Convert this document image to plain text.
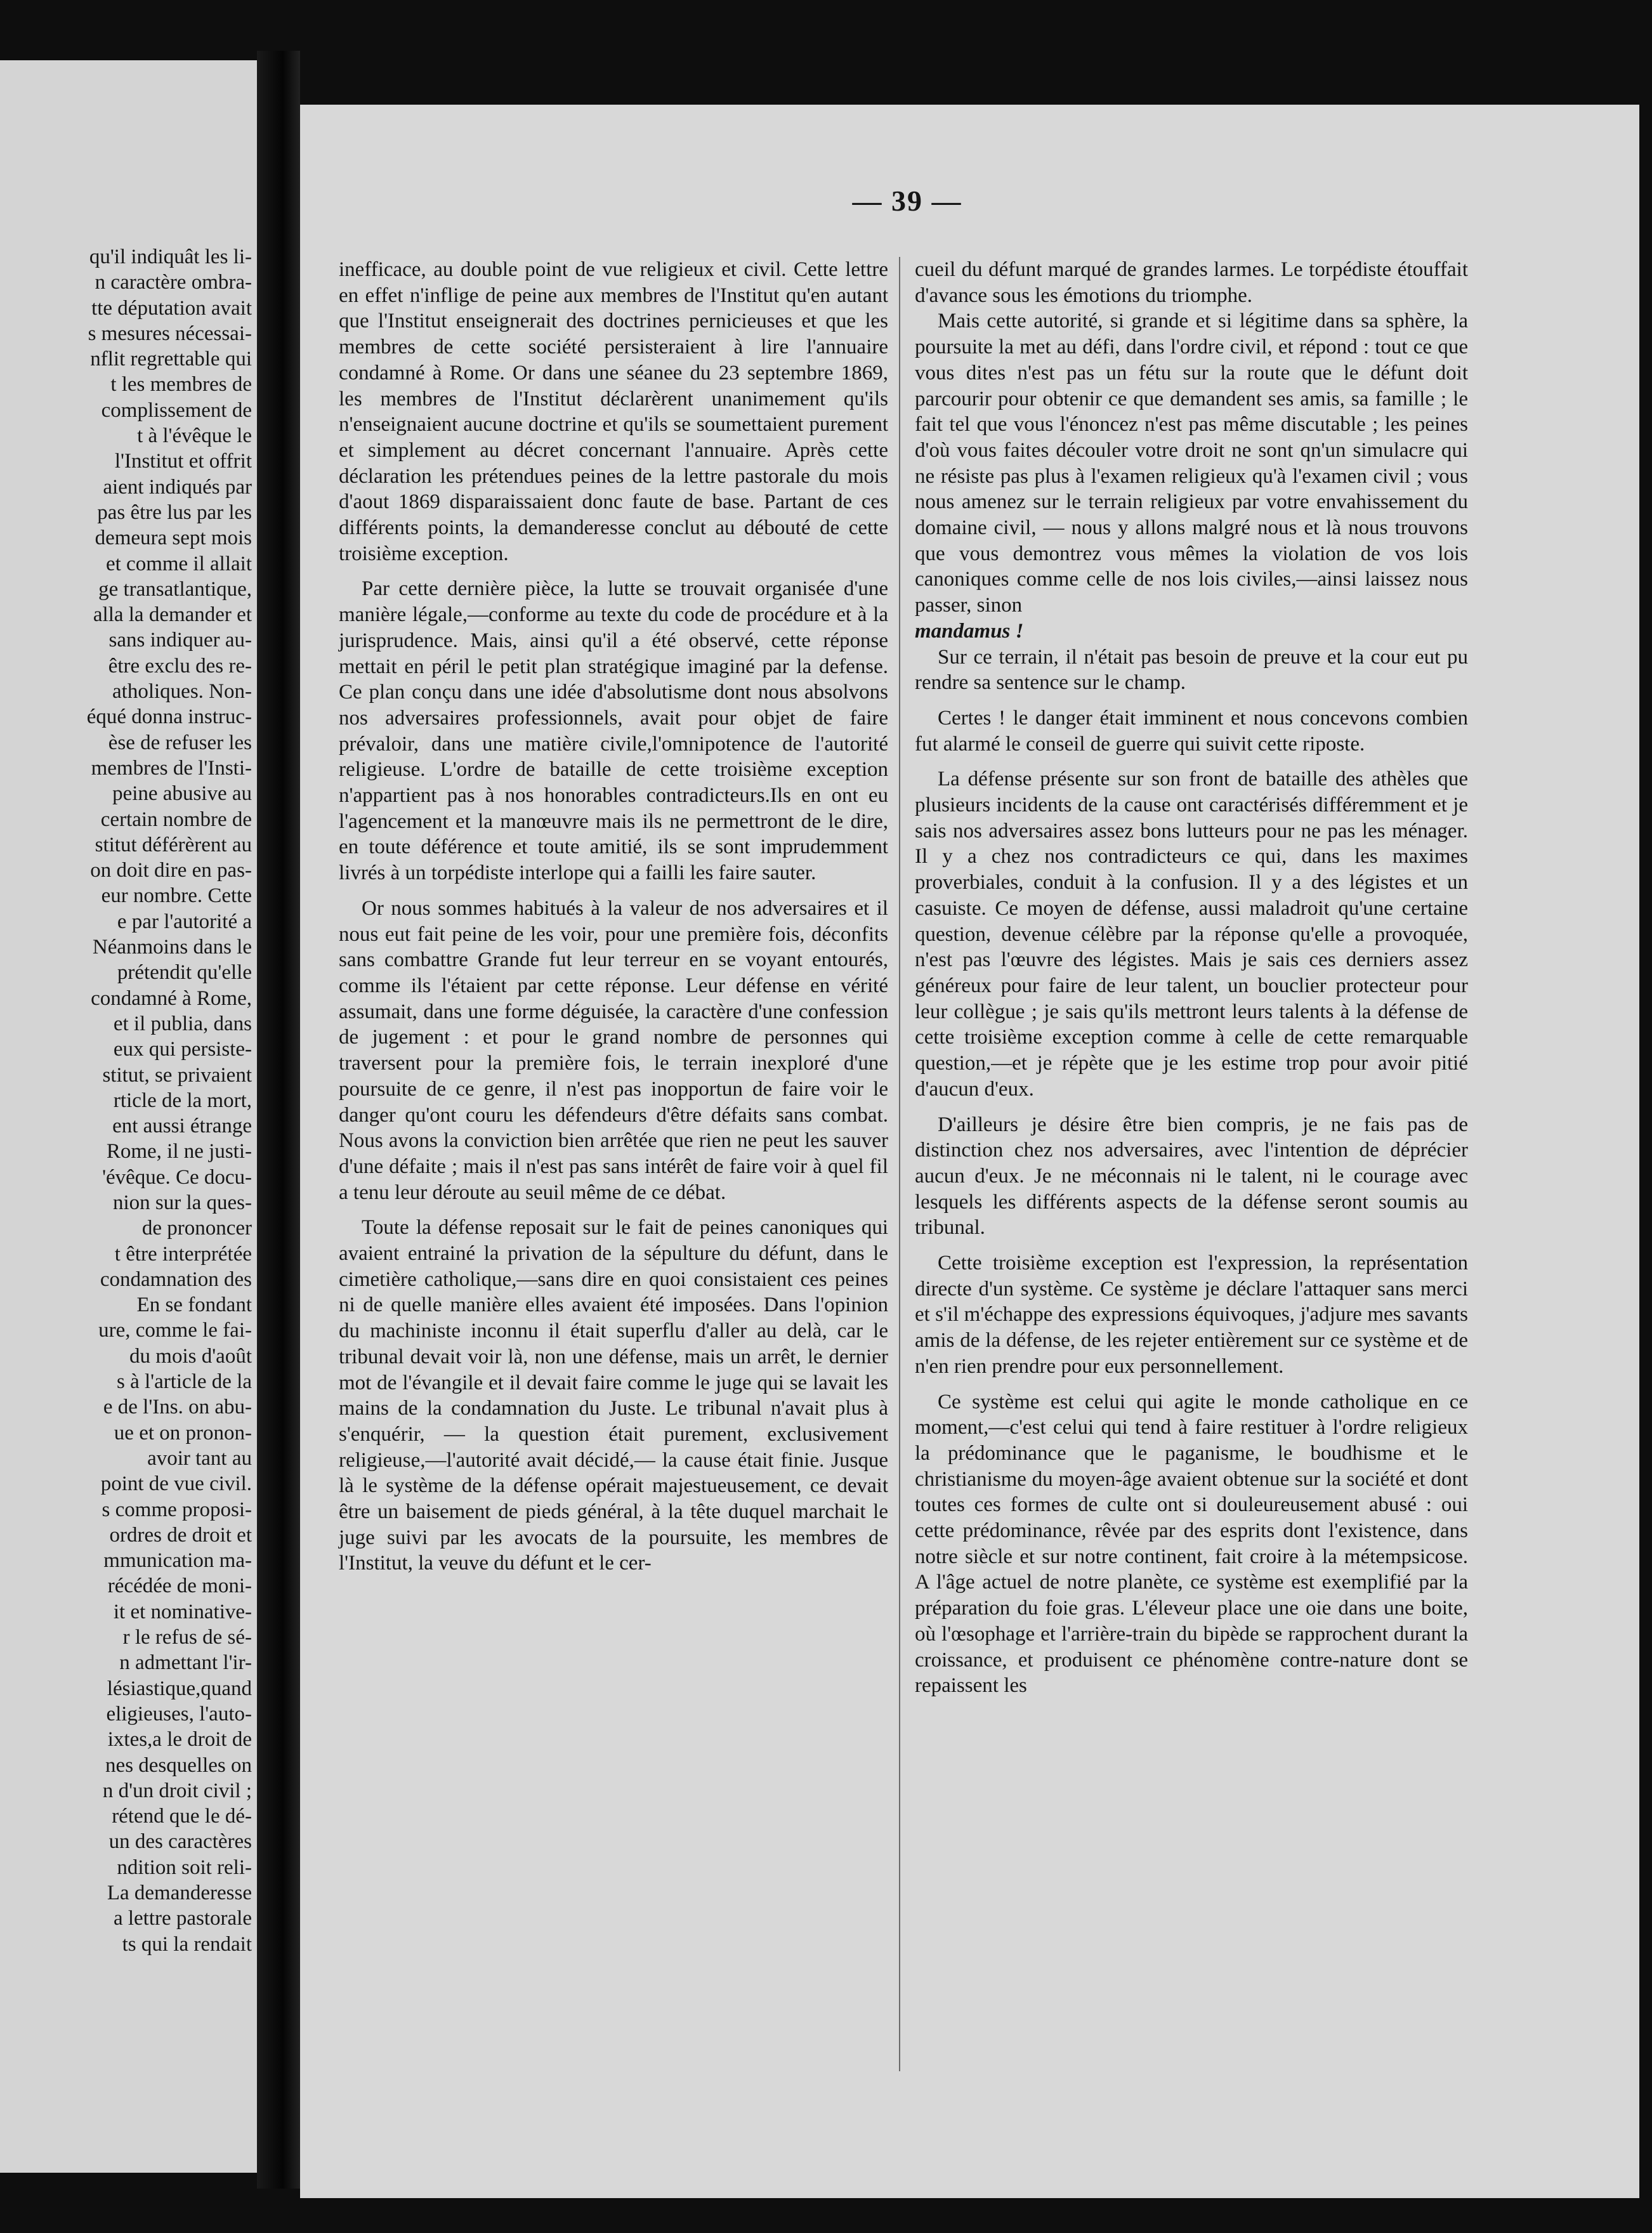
qu'il indiquât les li-
n caractère ombra-
tte députation avait
s mesures nécessai-
nflit regrettable qui
t les membres de
complissement de
t à l'évêque le
l'Institut et offrit
aient indiqués par
pas être lus par les
demeura sept mois
et comme il allait
ge transatlantique,
alla la demander et
sans indiquer au-
être exclu des re-
atholiques. Non-
équé donna instruc-
èse de refuser les
membres de l'Insti-
peine abusive au
certain nombre de
stitut déférèrent au
on doit dire en pas-
eur nombre. Cette
e par l'autorité a
Néanmoins dans le
prétendit qu'elle
condamné à Rome,
et il publia, dans
eux qui persiste-
stitut, se privaient
rticle de la mort,
ent aussi étrange
Rome, il ne justi-
'évêque. Ce docu-
nion sur la ques-
de prononcer
t être interprétée
condamnation des
En se fondant
ure, comme le fai-
du mois d'août
s à l'article de la
e de l'Ins. on abu-
ue et on pronon-
avoir tant au
point de vue civil.
s comme proposi-
ordres de droit et
mmunication ma-
récédée de moni-
it et nominative-
r le refus de sé-
n admettant l'ir-
lésiastique,quand
eligieuses, l'auto-
ixtes,a le droit de
nes desquelles on
n d'un droit civil ;
rétend que le dé-
un des caractères
ndition soit reli-
La demanderesse
a lettre pastorale
ts qui la rendait
— 39 —

inefficace, au double point de vue religieux et civil. Cette lettre en effet n'inflige de peine aux membres de l'Institut qu'en autant que l'Institut enseignerait des doctrines pernicieuses et que les membres de cette société persisteraient à lire l'annuaire condamné à Rome. Or dans une séanee du 23 septembre 1869, les membres de l'Institut déclarèrent unanimement qu'ils n'enseignaient aucune doctrine et qu'ils se soumettaient purement et simplement au décret concernant l'annuaire. Après cette déclaration les prétendues peines de la lettre pastorale du mois d'aout 1869 disparaissaient donc faute de base. Partant de ces différents points, la demanderesse conclut au débouté de cette troisième exception.

Par cette dernière pièce, la lutte se trouvait organisée d'une manière légale,—conforme au texte du code de procédure et à la jurisprudence. Mais, ainsi qu'il a été observé, cette réponse mettait en péril le petit plan stratégique imaginé par la defense. Ce plan conçu dans une idée d'absolutisme dont nous absolvons nos adversaires professionnels, avait pour objet de faire prévaloir, dans une matière civile,l'omnipotence de l'autorité religieuse. L'ordre de bataille de cette troisième exception n'appartient pas à nos honorables contradicteurs.Ils en ont eu l'agencement et la manœuvre mais ils ne permettront de le dire, en toute déférence et toute amitié, ils se sont imprudemment livrés à un torpédiste interlope qui a failli les faire sauter.

Or nous sommes habitués à la valeur de nos adversaires et il nous eut fait peine de les voir, pour une première fois, déconfits sans combattre Grande fut leur terreur en se voyant entourés, comme ils l'étaient par cette réponse. Leur défense en vérité assumait, dans une forme déguisée, la caractère d'une confession de jugement : et pour le grand nombre de personnes qui traversent pour la première fois, le terrain inexploré d'une poursuite de ce genre, il n'est pas inopportun de faire voir le danger qu'ont couru les défendeurs d'être défaits sans combat. Nous avons la conviction bien arrêtée que rien ne peut les sauver d'une défaite ; mais il n'est pas sans intérêt de faire voir à quel fil a tenu leur déroute au seuil même de ce débat.

Toute la défense reposait sur le fait de peines canoniques qui avaient entrainé la privation de la sépulture du défunt, dans le cimetière catholique,—sans dire en quoi consistaient ces peines ni de quelle manière elles avaient été imposées. Dans l'opinion du machiniste inconnu il était superflu d'aller au delà, car le tribunal devait voir là, non une défense, mais un arrêt, le dernier mot de l'évangile et il devait faire comme le juge qui se lavait les mains de la condamnation du Juste. Le tribunal n'avait plus à s'enquérir, — la question était purement, exclusivement religieuse,—l'autorité avait décidé,— la cause était finie. Jusque là le système de la défense opérait majestueusement, ce devait être un baisement de pieds général, à la tête duquel marchait le juge suivi par les avocats de la poursuite, les membres de l'Institut, la veuve du défunt et le cer-

cueil du défunt marqué de grandes larmes. Le torpédiste étouffait d'avance sous les émotions du triomphe.

Mais cette autorité, si grande et si légitime dans sa sphère, la poursuite la met au défi, dans l'ordre civil, et répond : tout ce que vous dites n'est pas un fétu sur la route que le défunt doit parcourir pour obtenir ce que demandent ses amis, sa famille ; le fait tel que vous l'énoncez n'est pas même discutable ; les peines d'où vous faites découler votre droit ne sont qn'un simulacre qui ne résiste pas plus à l'examen religieux qu'à l'examen civil ; vous nous amenez sur le terrain religieux par votre envahissement du domaine civil, — nous y allons malgré nous et là nous trouvons que vous demontrez vous mêmes la violation de vos lois canoniques comme celle de nos lois civiles,—ainsi laissez nous passer, sinon

mandamus !

Sur ce terrain, il n'était pas besoin de preuve et la cour eut pu rendre sa sentence sur le champ.

Certes ! le danger était imminent et nous concevons combien fut alarmé le conseil de guerre qui suivit cette riposte.

La défense présente sur son front de bataille des athèles que plusieurs incidents de la cause ont caractérisés différemment et je sais nos adversaires assez bons lutteurs pour ne pas les ménager. Il y a chez nos contradicteurs ce qui, dans les maximes proverbiales, conduit à la confusion. Il y a des légistes et un casuiste. Ce moyen de défense, aussi maladroit qu'une certaine question, devenue célèbre par la réponse qu'elle a provoquée, n'est pas l'œuvre des légistes. Mais je sais ces derniers assez généreux pour faire de leur talent, un bouclier protecteur pour leur collègue ; je sais qu'ils mettront leurs talents à la défense de cette troisième exception comme à celle de cette remarquable question,—et je répète que je les estime trop pour avoir pitié d'aucun d'eux.

D'ailleurs je désire être bien compris, je ne fais pas de distinction chez nos adversaires, avec l'intention de déprécier aucun d'eux. Je ne méconnais ni le talent, ni le courage avec lesquels les différents aspects de la défense seront soumis au tribunal.

Cette troisième exception est l'expression, la représentation directe d'un système. Ce système je déclare l'attaquer sans merci et s'il m'échappe des expressions équivoques, j'adjure mes savants amis de la défense, de les rejeter entièrement sur ce système et de n'en rien prendre pour eux personnellement.

Ce système est celui qui agite le monde catholique en ce moment,—c'est celui qui tend à faire restituer à l'ordre religieux la prédominance que le paganisme, le boudhisme et le christianisme du moyen-âge avaient obtenue sur la société et dont toutes ces formes de culte ont si douleureusement abusé : oui cette prédominance, rêvée par des esprits dont l'existence, dans notre siècle et sur notre continent, fait croire à la métempsicose. A l'âge actuel de notre planète, ce système est exemplifié par la préparation du foie gras. L'éleveur place une oie dans une boite, où l'œsophage et l'arrière-train du bipède se rapprochent durant la croissance, et produisent ce phénomène contre-nature dont se repaissent les
